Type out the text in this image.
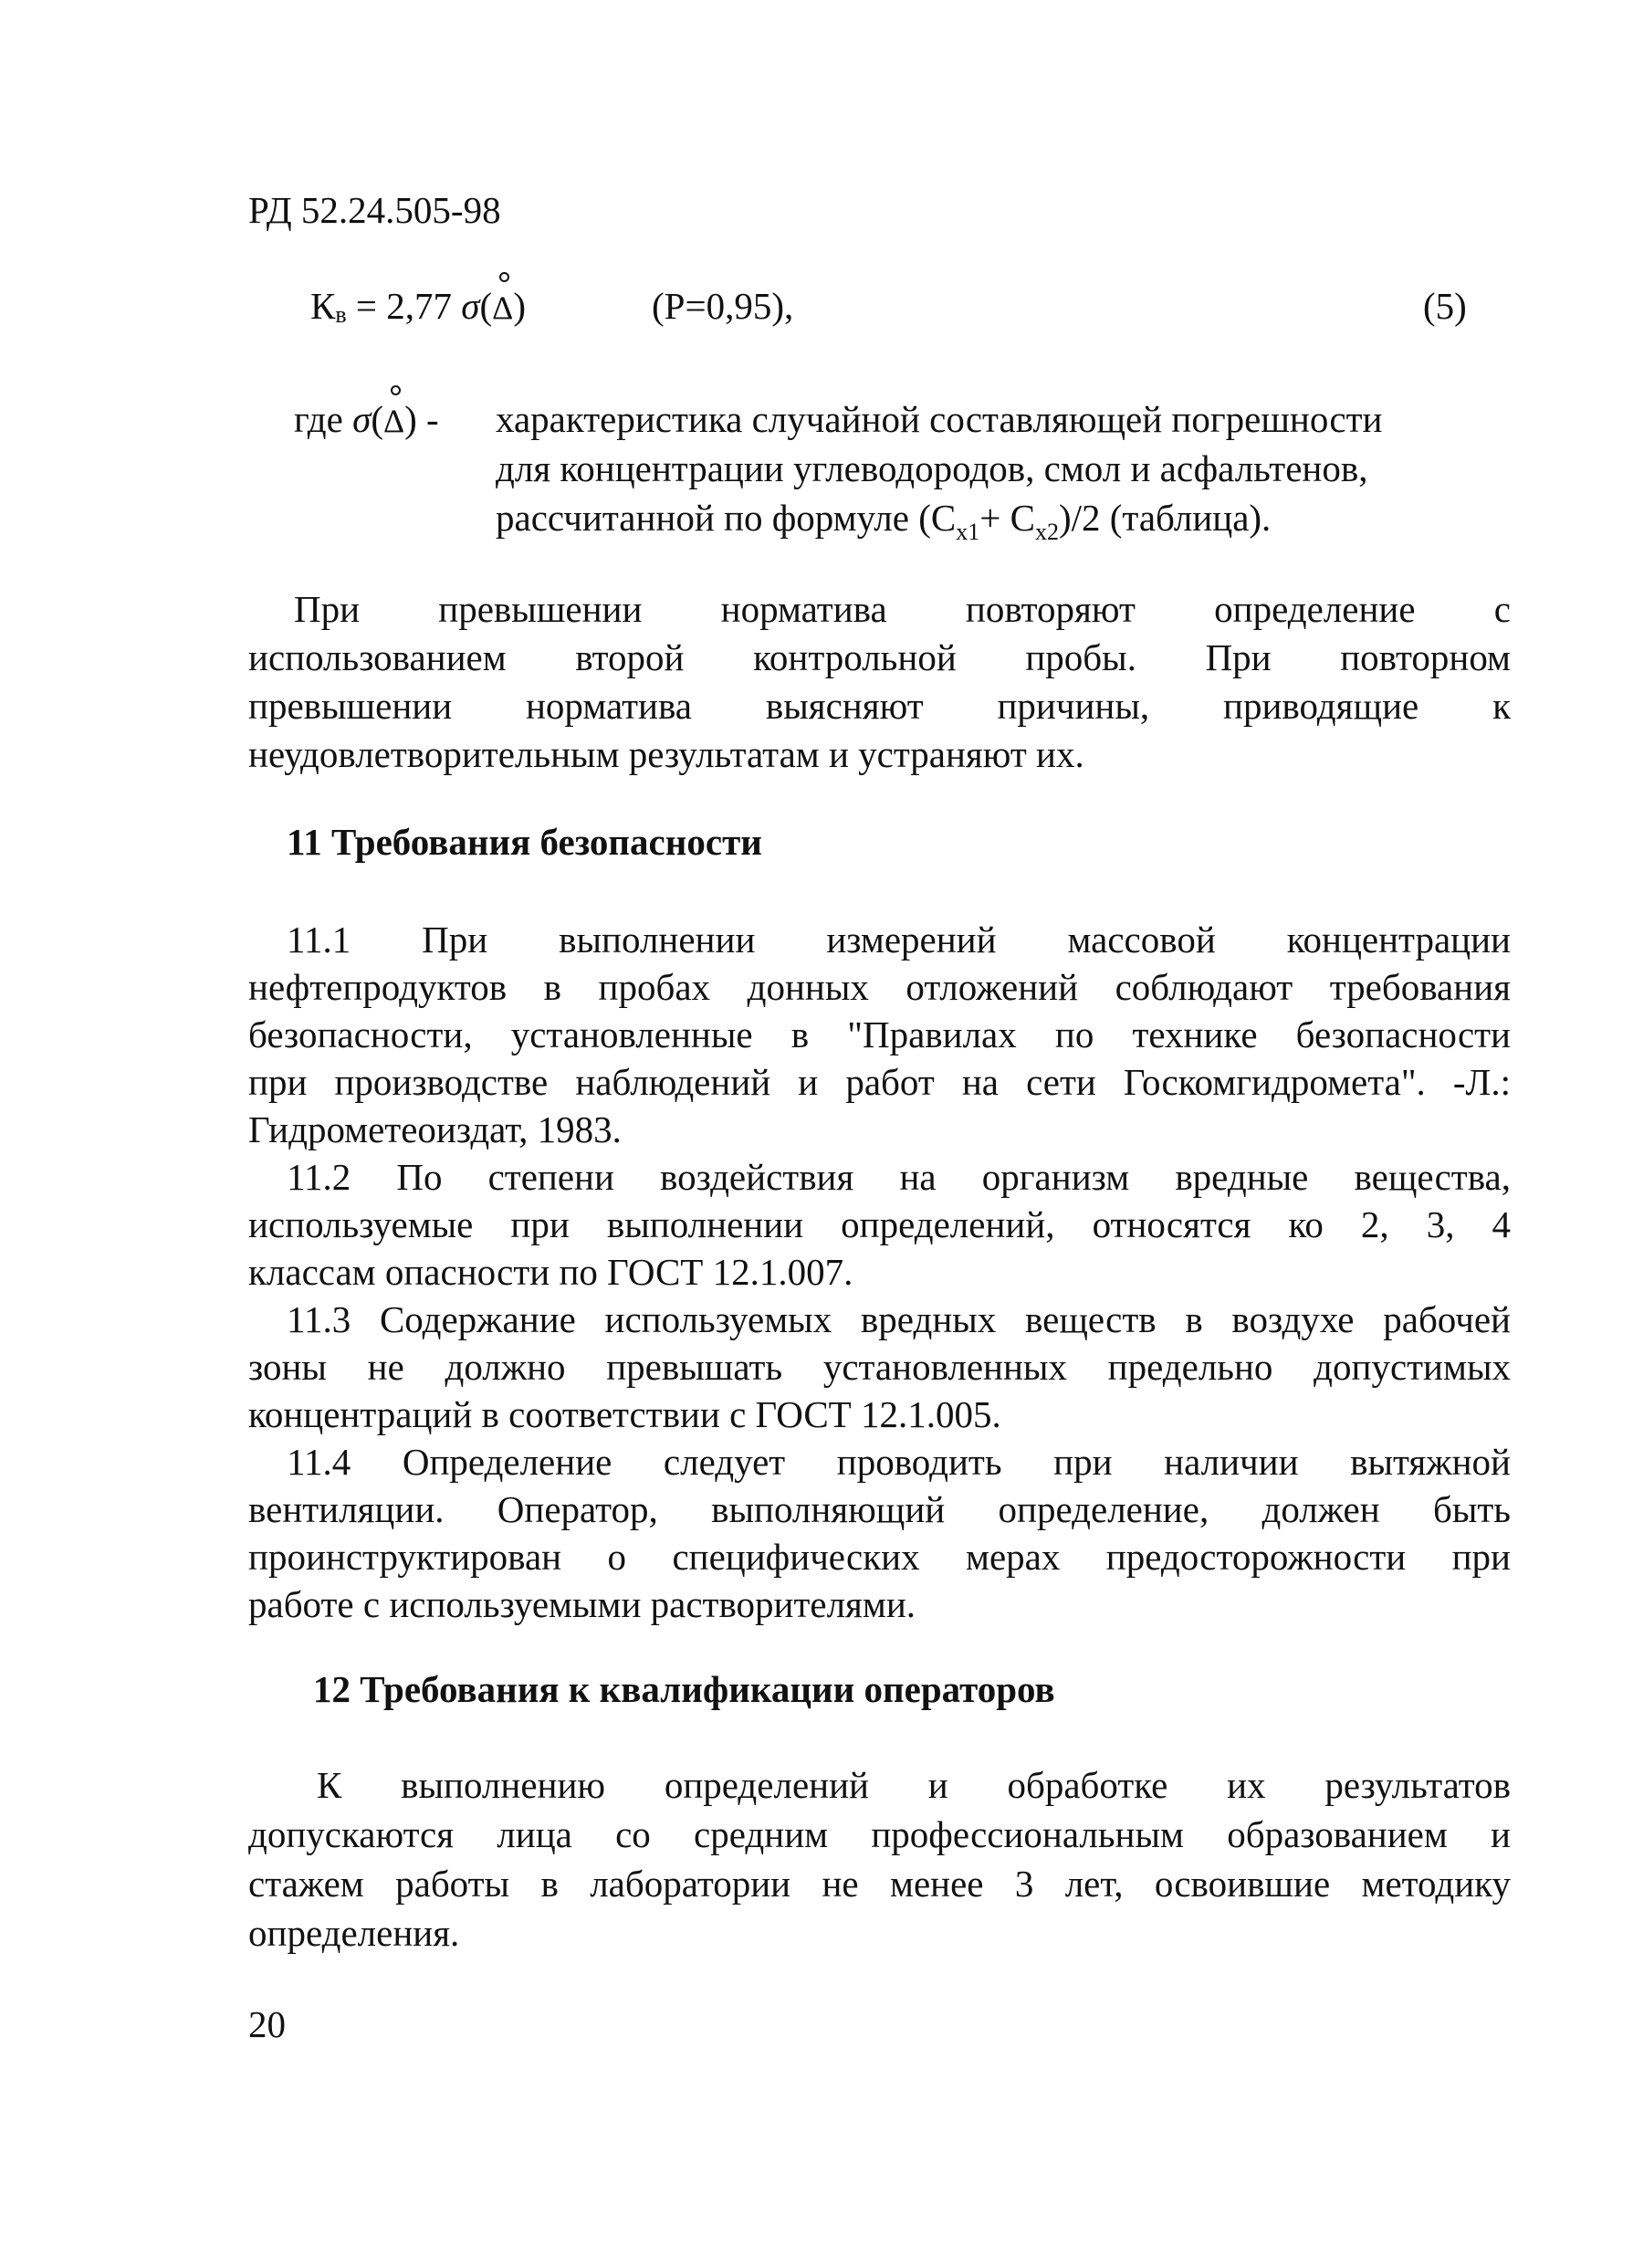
РД 52.24.505-98
Кв = 2,77 σ(Δ)	(P=0,95),	(5)
где σ(Δ) - характеристика случайной составляющей погрешности
для концентрации углеводородов, смол и асфальтенов,
рассчитанной по формуле $(С_{x1}+ С_{x2})/2$ (таблица).
При превышении норматива повторяют определение с
использованием второй контрольной пробы. При повторном
превышении норматива выясняют причины, приводящие к
неудовлетворительным результатам и устраняют их.
11 Требования безопасности
11.1 При выполнении измерений массовой концентрации
нефтепродуктов в пробах донных отложений соблюдают требования
безопасности, установленные в "Правилах по технике безопасности
при производстве наблюдений и работ на сети Госкомгидромета". -Л.:
Гидрометеоиздат, 1983.
11.2 По степени воздействия на организм вредные вещества,
используемые при выполнении определений, относятся ко 2, 3, 4
классам опасности по ГОСТ 12.1.007.
11.3 Содержание используемых вредных веществ в воздухе рабочей
зоны не должно превышать установленных предельно допустимых
концентраций в соответствии с ГОСТ 12.1.005.
11.4 Определение следует проводить при наличии вытяжной
вентиляции. Оператор, выполняющий определение, должен быть
проинструктирован о специфических мерах предосторожности при
работе с используемыми растворителями.
12 Требования к квалификации операторов
К выполнению определений и обработке их результатов
допускаются лица со средним профессиональным образованием и
стажем работы в лаборатории не менее 3 лет, освоившие методику
определения.
20
